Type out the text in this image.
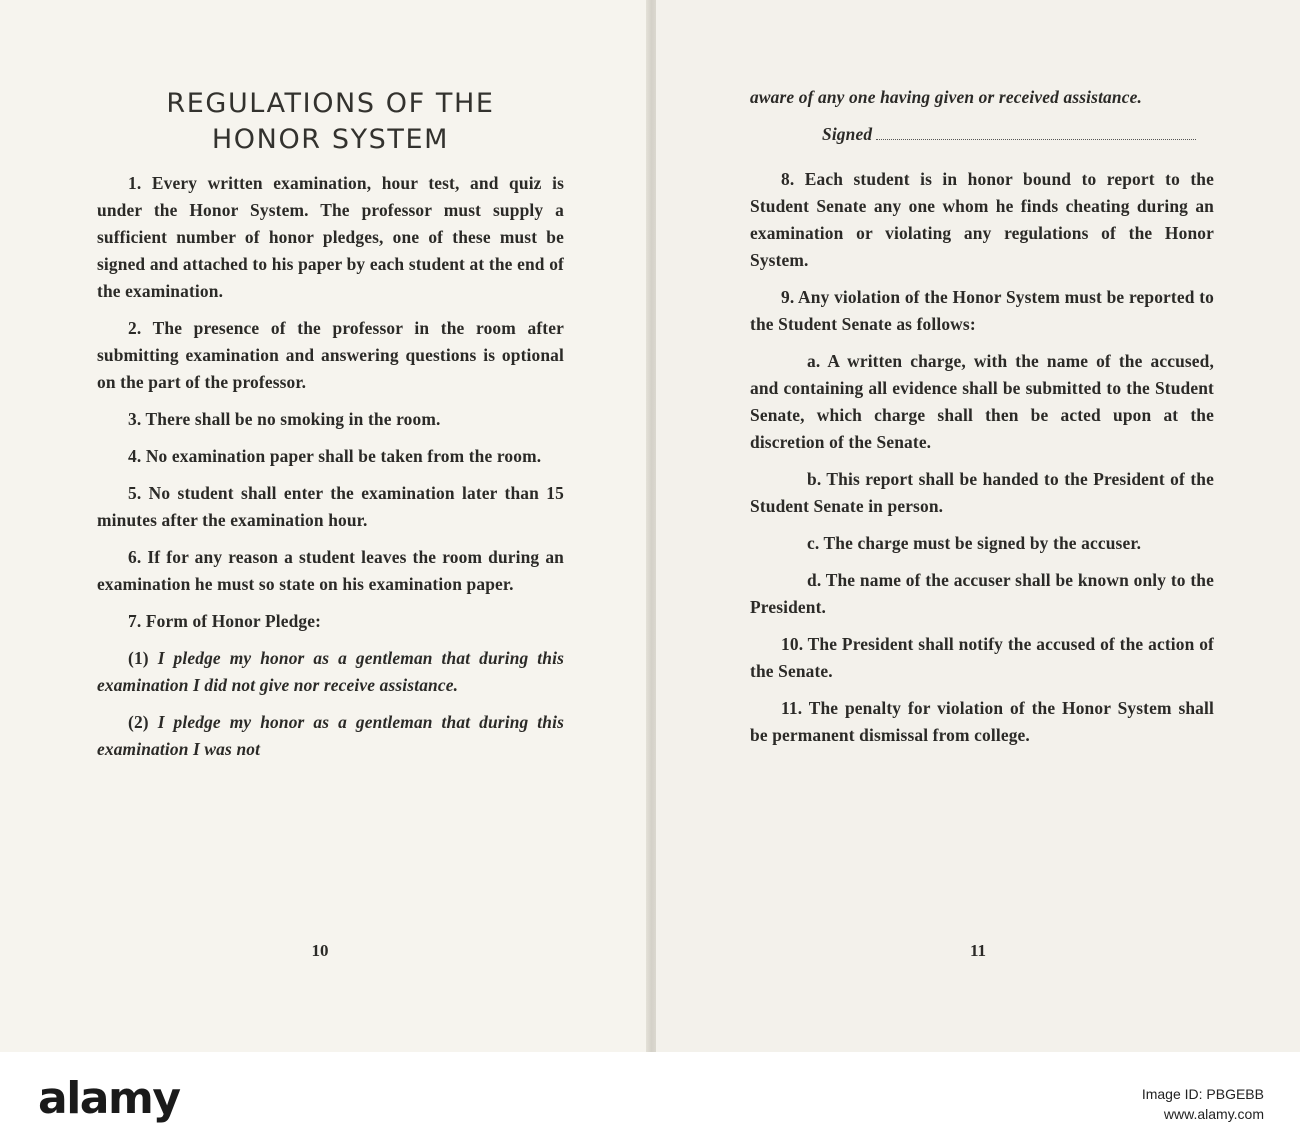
REGULATIONS OF THE
HONOR SYSTEM

1. Every written examination, hour test, and quiz is under the Honor System. The professor must supply a sufficient number of honor pledges, one of these must be signed and attached to his paper by each student at the end of the examination.

2. The presence of the professor in the room after submitting examination and answering questions is optional on the part of the professor.

3. There shall be no smoking in the room.

4. No examination paper shall be taken from the room.

5. No student shall enter the examination later than 15 minutes after the examination hour.

6. If for any reason a student leaves the room during an examination he must so state on his examination paper.

7. Form of Honor Pledge:

(1) I pledge my honor as a gentleman that during this examination I did not give nor receive assistance.

(2) I pledge my honor as a gentleman that during this examination I was not

10

aware of any one having given or received assistance.

Signed

8. Each student is in honor bound to report to the Student Senate any one whom he finds cheating during an examination or violating any regulations of the Honor System.

9. Any violation of the Honor System must be reported to the Student Senate as follows:

a. A written charge, with the name of the accused, and containing all evidence shall be submitted to the Student Senate, which charge shall then be acted upon at the discretion of the Senate.

b. This report shall be handed to the President of the Student Senate in person.

c. The charge must be signed by the accuser.

d. The name of the accuser shall be known only to the President.

10. The President shall notify the accused of the action of the Senate.

11. The penalty for violation of the Honor System shall be permanent dismissal from college.

11
alamy	Image ID: PBGEBB
www.alamy.com
